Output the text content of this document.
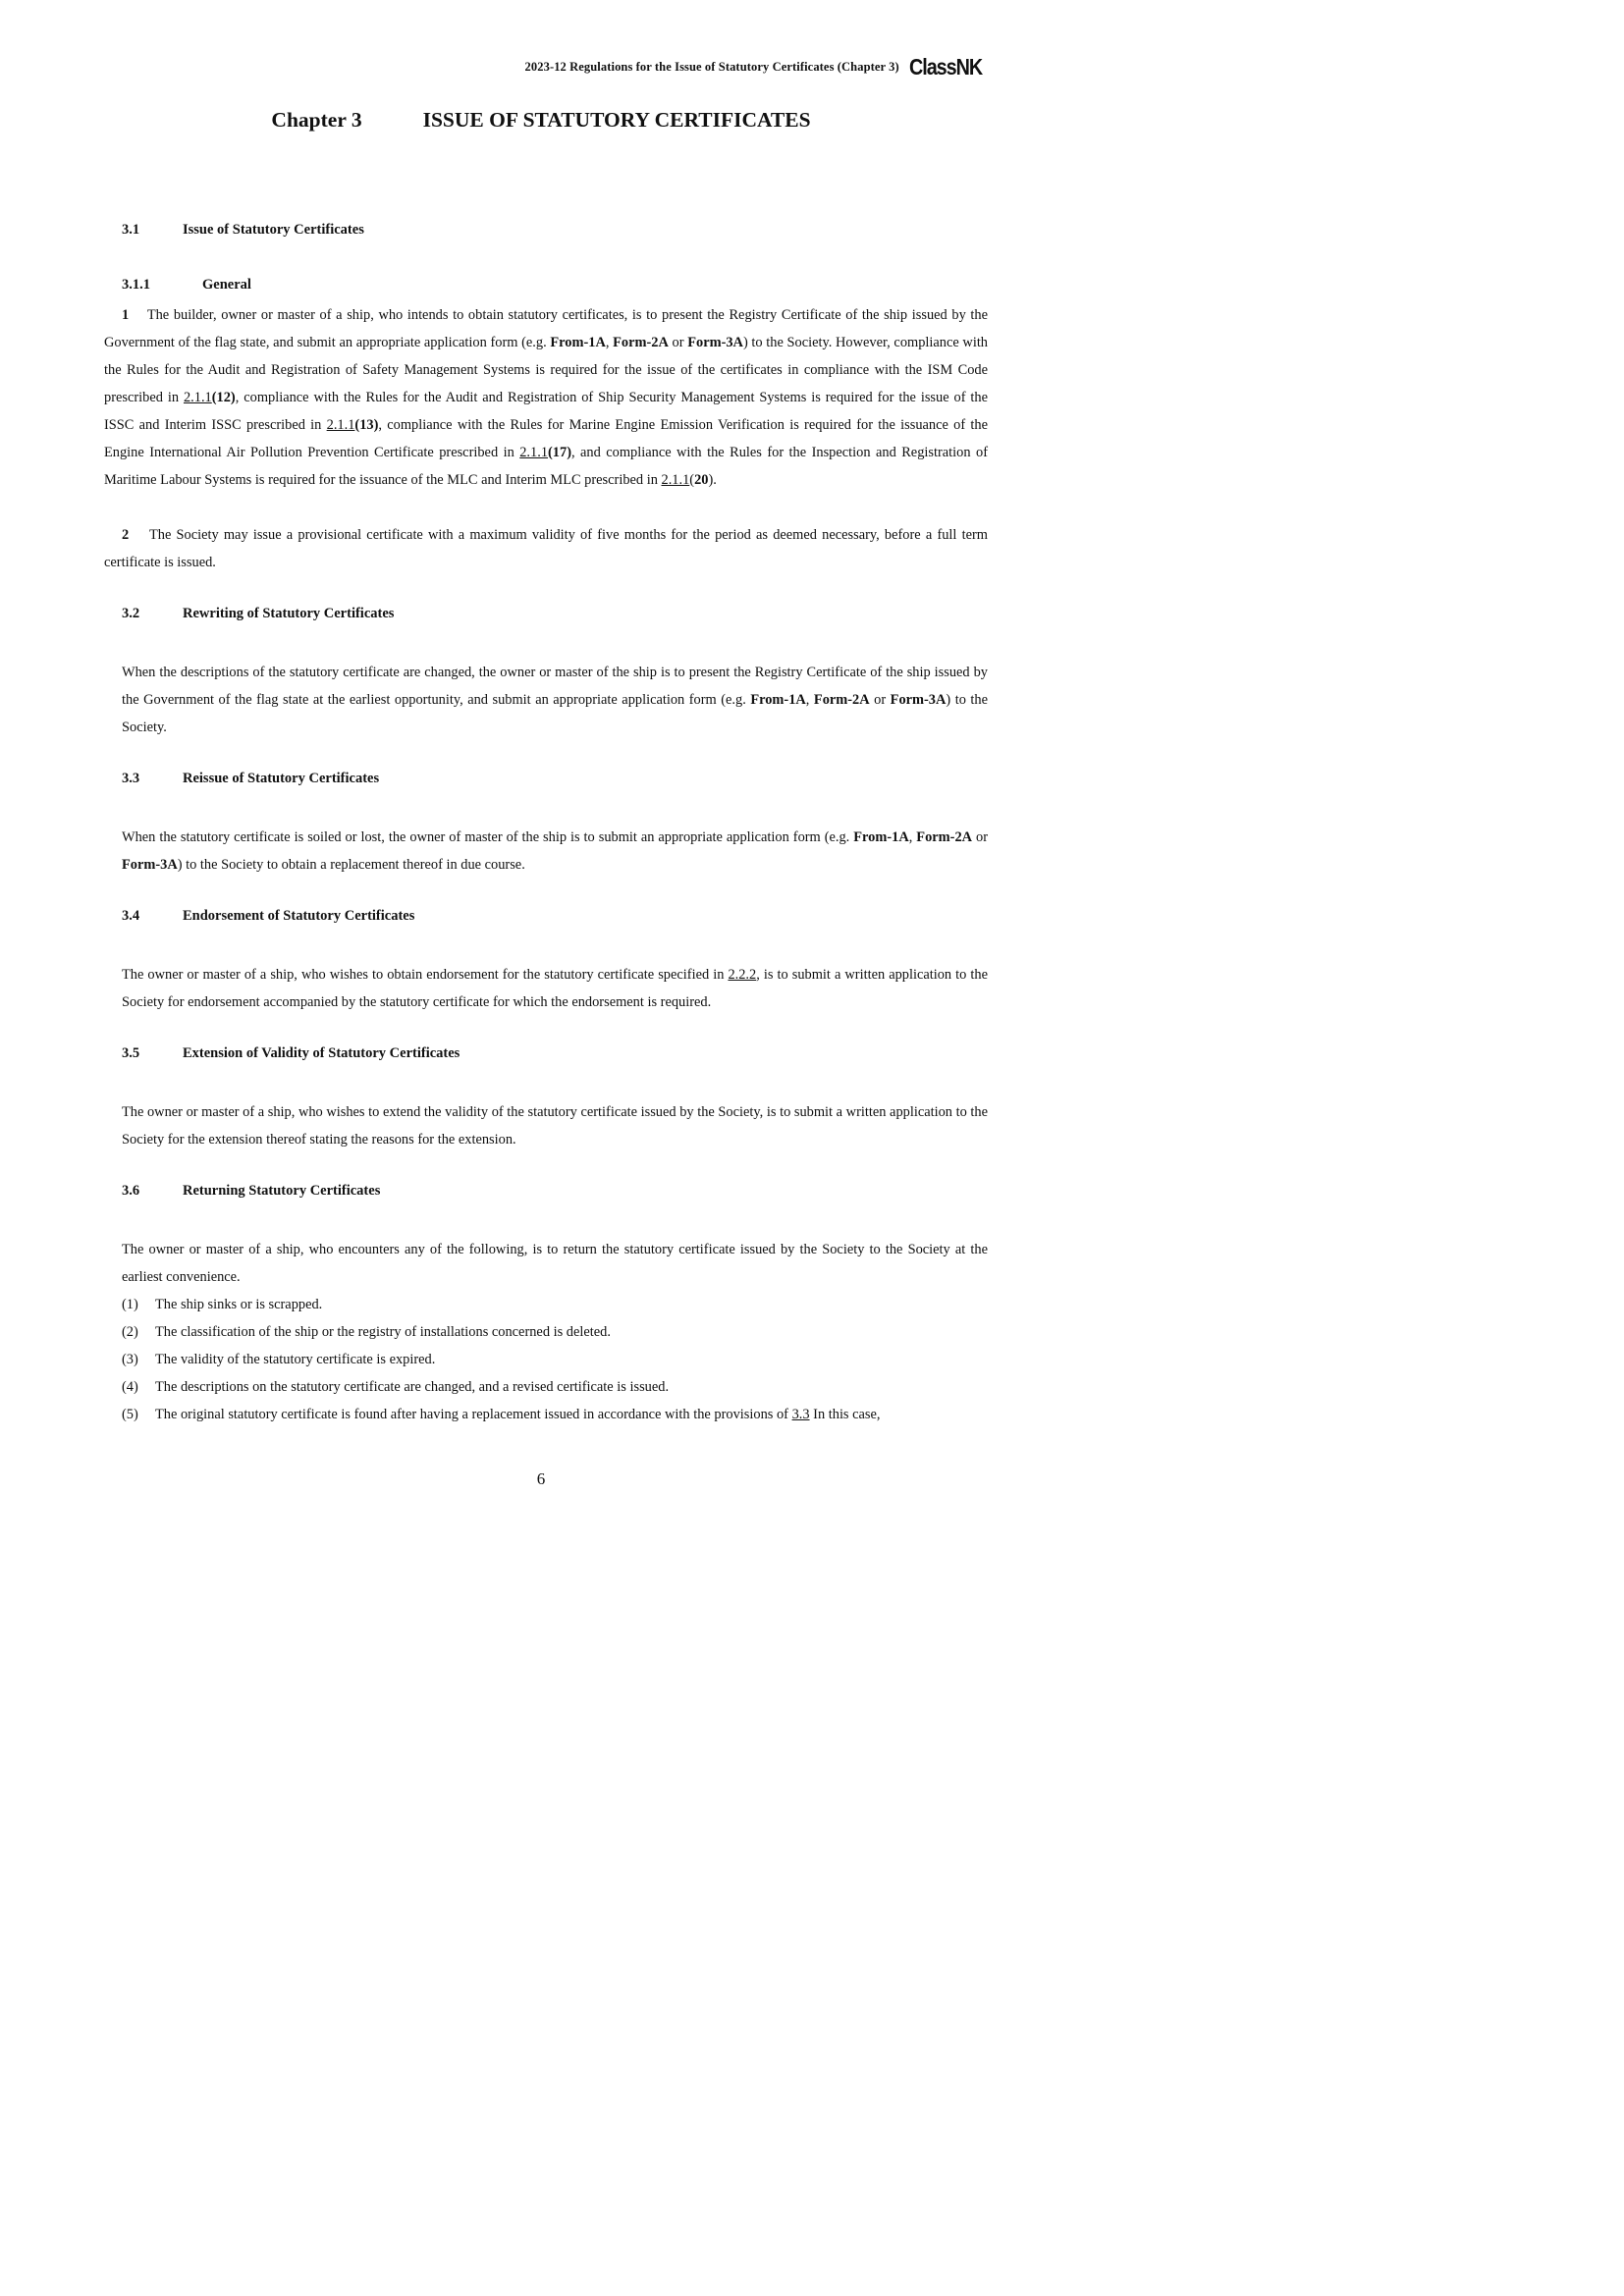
2023-12 Regulations for the Issue of Statutory Certificates (Chapter 3) ClassNK
Chapter 3	ISSUE OF STATUTORY CERTIFICATES
3.1	Issue of Statutory Certificates
3.1.1	General
1 The builder, owner or master of a ship, who intends to obtain statutory certificates, is to present the Registry Certificate of the ship issued by the Government of the flag state, and submit an appropriate application form (e.g. From-1A, Form-2A or Form-3A) to the Society. However, compliance with the Rules for the Audit and Registration of Safety Management Systems is required for the issue of the certificates in compliance with the ISM Code prescribed in 2.1.1(12), compliance with the Rules for the Audit and Registration of Ship Security Management Systems is required for the issue of the ISSC and Interim ISSC prescribed in 2.1.1(13), compliance with the Rules for Marine Engine Emission Verification is required for the issuance of the Engine International Air Pollution Prevention Certificate prescribed in 2.1.1(17), and compliance with the Rules for the Inspection and Registration of Maritime Labour Systems is required for the issuance of the MLC and Interim MLC prescribed in 2.1.1(20).
2 The Society may issue a provisional certificate with a maximum validity of five months for the period as deemed necessary, before a full term certificate is issued.
3.2	Rewriting of Statutory Certificates
When the descriptions of the statutory certificate are changed, the owner or master of the ship is to present the Registry Certificate of the ship issued by the Government of the flag state at the earliest opportunity, and submit an appropriate application form (e.g. From-1A, Form-2A or Form-3A) to the Society.
3.3	Reissue of Statutory Certificates
When the statutory certificate is soiled or lost, the owner of master of the ship is to submit an appropriate application form (e.g. From-1A, Form-2A or Form-3A) to the Society to obtain a replacement thereof in due course.
3.4	Endorsement of Statutory Certificates
The owner or master of a ship, who wishes to obtain endorsement for the statutory certificate specified in 2.2.2, is to submit a written application to the Society for endorsement accompanied by the statutory certificate for which the endorsement is required.
3.5	Extension of Validity of Statutory Certificates
The owner or master of a ship, who wishes to extend the validity of the statutory certificate issued by the Society, is to submit a written application to the Society for the extension thereof stating the reasons for the extension.
3.6	Returning Statutory Certificates
The owner or master of a ship, who encounters any of the following, is to return the statutory certificate issued by the Society to the Society at the earliest convenience.
(1)	The ship sinks or is scrapped.
(2)	The classification of the ship or the registry of installations concerned is deleted.
(3)	The validity of the statutory certificate is expired.
(4)	The descriptions on the statutory certificate are changed, and a revised certificate is issued.
(5)	The original statutory certificate is found after having a replacement issued in accordance with the provisions of 3.3 In this case,
6
